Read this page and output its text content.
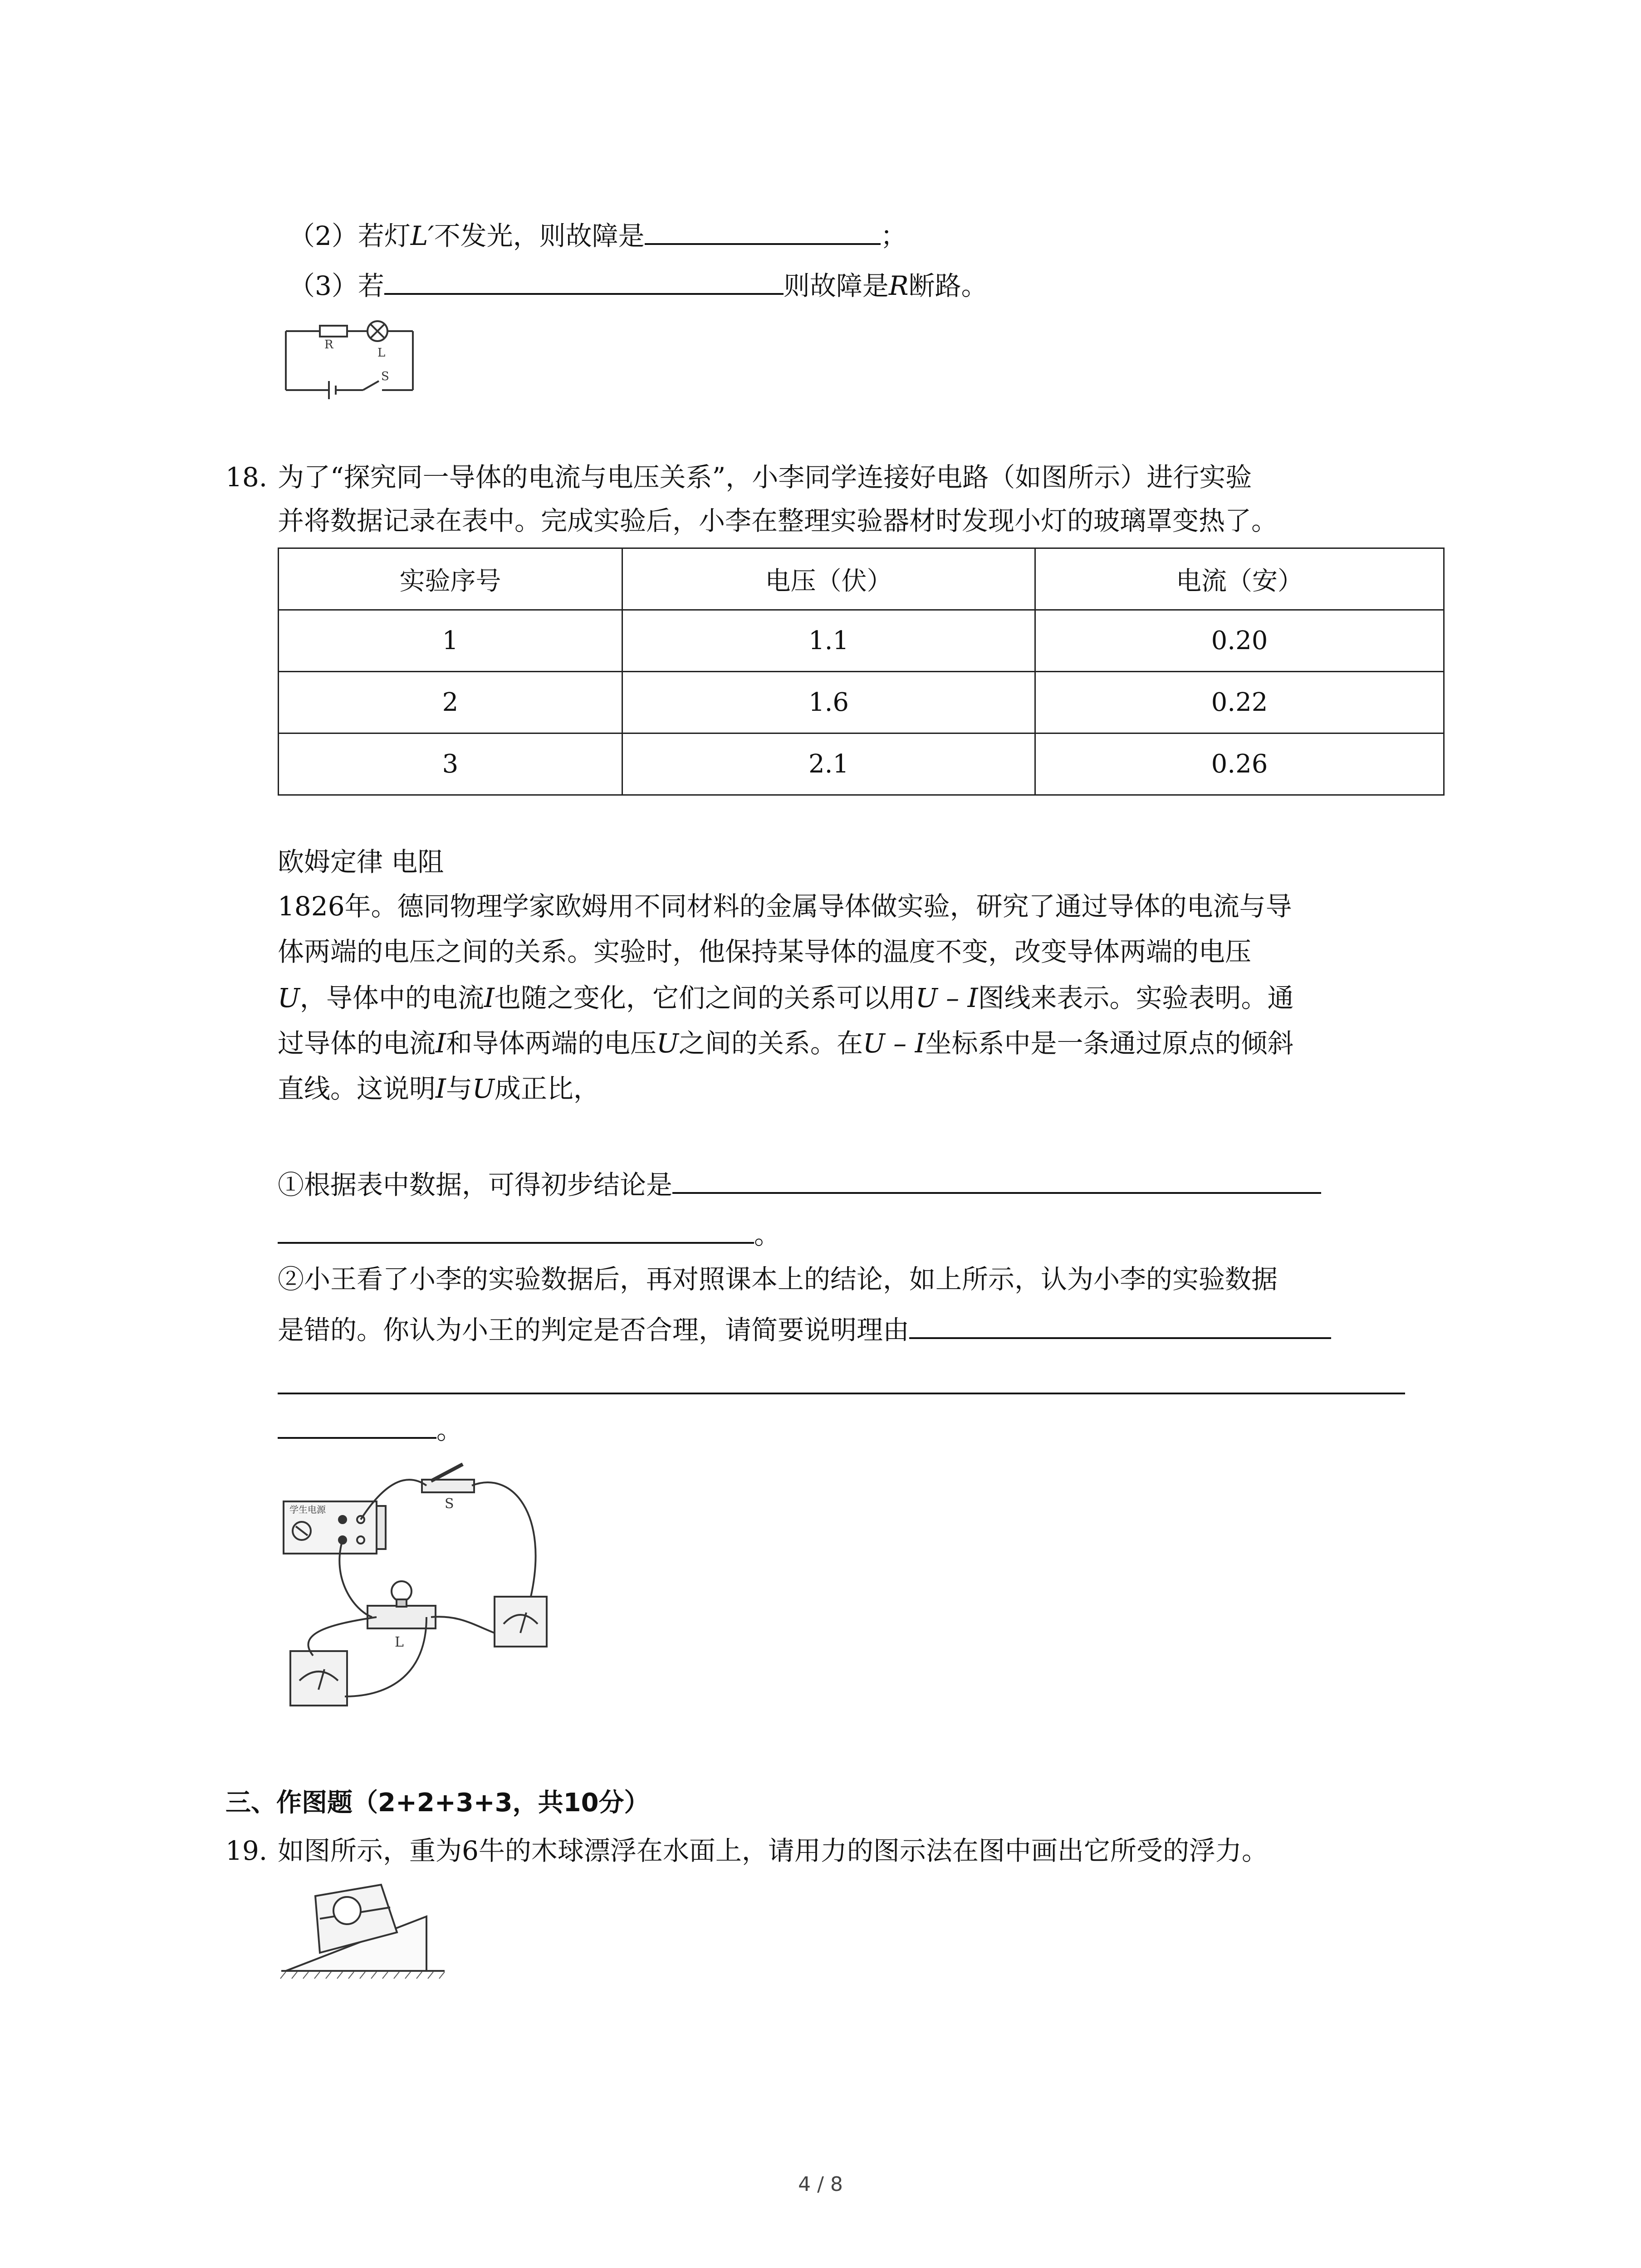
（2）若灯L′不发光，则故障是	；
（3）若	则故障是R断路。
R
L
S
18. 为了“探究同一导体的电流与电压关系”，小李同学连接好电路（如图所示）进行实验
并将数据记录在表中。完成实验后，小李在整理实验器材时发现小灯的玻璃罩变热了。
实验序号	电压（伏）	电流（安）
1	1.1	0.20
2	1.6	0.22
3	2.1	0.26
欧姆定律 电阻
1826年。德同物理学家欧姆用不同材料的金属导体做实验，研究了通过导体的电流与导
体两端的电压之间的关系。实验时，他保持某导体的温度不变，改变导体两端的电压
U，导体中的电流I也随之变化，它们之间的关系可以用U – I图线来表示。实验表明。通
过导体的电流I和导体两端的电压U之间的关系。在U – I坐标系中是一条通过原点的倾斜
直线。这说明I与U成正比，
①根据表中数据，可得初步结论是
。
②小王看了小李的实验数据后，再对照课本上的结论，如上所示，认为小李的实验数据
是错的。你认为小王的判定是否合理，请简要说明理由
。
学生电源	S
L
三、作图题（2+2+3+3，共10分）
19. 如图所示，重为6牛的木球漂浮在水面上，请用力的图示法在图中画出它所受的浮力。
4 / 8
